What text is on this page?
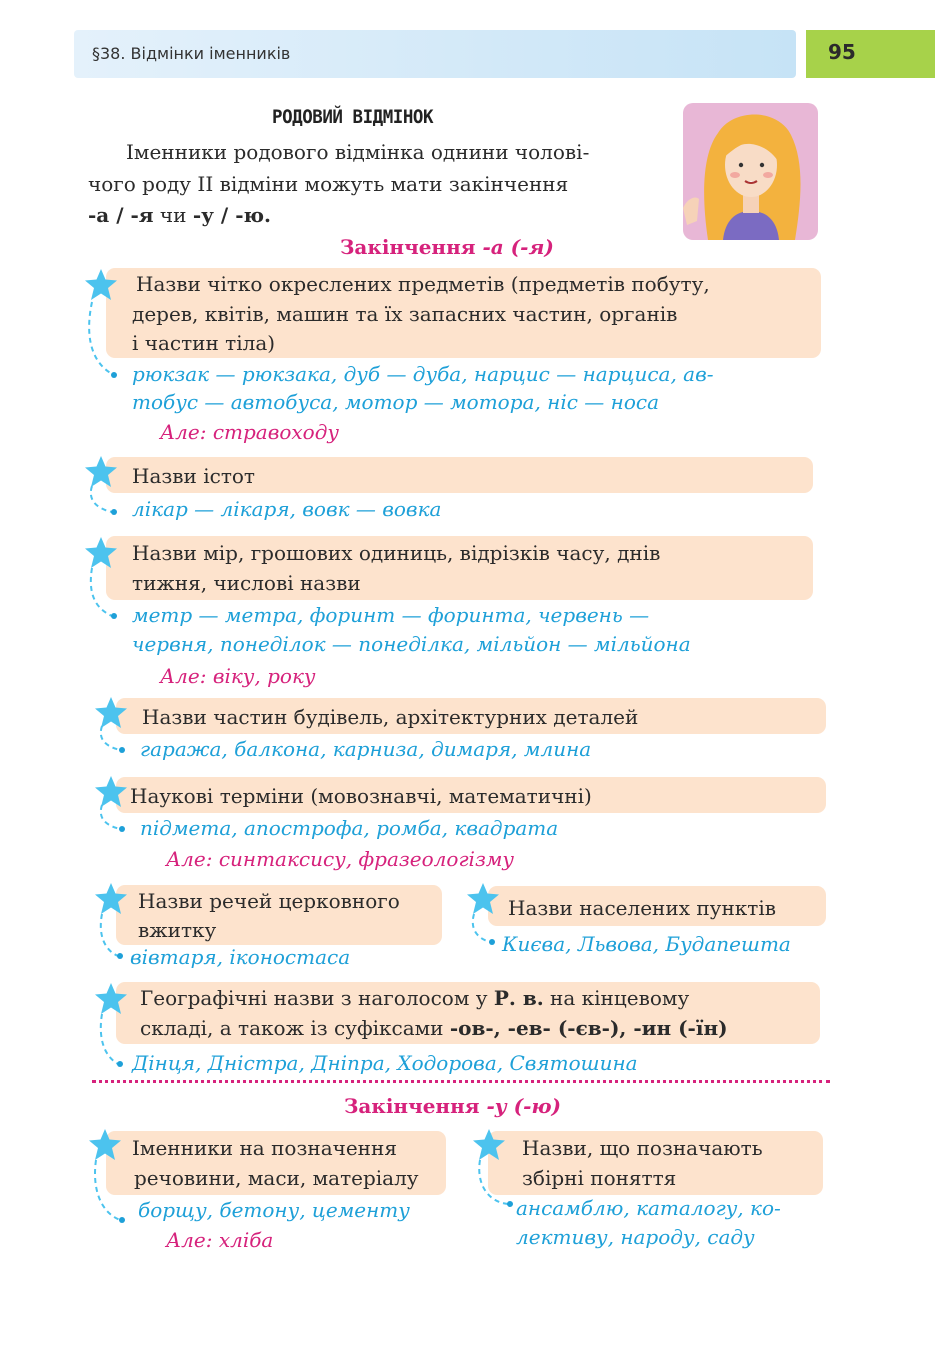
§38. Відмінки іменників	95
РОДОВИЙ ВІДМІНОК
Іменники родового відмінка однини чолові-
чого роду II відміни можуть мати закінчення
-а / -я чи -у / -ю.
Закінчення -а (-я)
Назви чітко окреслених предметів (предметів побуту,
дерев, квітів, машин та їх запасних частин, органів
і частин тіла)
рюкзак — рюкзака, дуб — дуба, нарцис — нарциса, ав-
тобус — автобуса, мотор — мотора, ніс — носа
Але: стравоходу
Назви істот
лікар — лікаря, вовк — вовка
Назви мір, грошових одиниць, відрізків часу, днів
тижня, числові назви
метр — метра, форинт — форинта, червень —
червня, понеділок — понеділка, мільйон — мільйона
Але: віку, року
Назви частин будівель, архітектурних деталей
гаража, балкона, карниза, димаря, млина
Наукові терміни (мовознавчі, математичні)
підмета, апострофа, ромба, квадрата
Але: синтаксису, фразеологізму
Назви речей церковного
вжитку
вівтаря, іконостаса
Назви населених пунктів
Києва, Львова, Будапешта
Географічні назви з наголосом у Р. в. на кінцевому
складі, а також із суфіксами -ов-, -ев- (-єв-), -ин (-їн)
Дінця, Дністра, Дніпра, Ходорова, Святошина
Закінчення -у (-ю)
Іменники на позначення
речовини, маси, матеріалу
борщу, бетону, цементу
Але: хліба
Назви, що позначають
збірні поняття
ансамблю, каталогу, ко-
лективу, народу, саду
